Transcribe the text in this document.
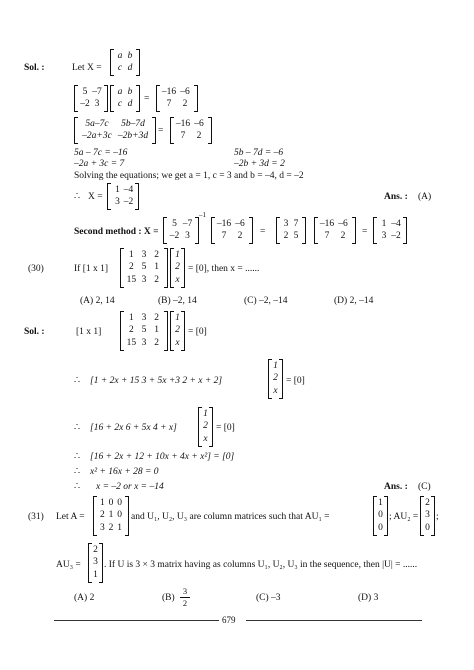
Sol. :	Let X =
a b
c d
5 –7
–2 3
a b
c d =
–16 –6
7	2
5a–7c	5b–7d
–2a+3c –2b+3d	=
–16 –6
7	2
5a – 7c = –16	5b – 7d = –6
–2a + 3c = 7	–2b + 3d = 2
Solving the equations; we get a = 1, c = 3 and b = –4, d = –2
∴ X =
1 –4
3 –2	Ans. : (A)
Second method : X =
5 –7
–2 3
–1
–16 –6
7	2	=
3 7
2 5
–16 –6
7	2	=
1 –4
3 –2
(30)	If [1 x 1]
1 3 2
2 5 1
15 3 2
1
2
x
= [0], then x = ......
(A) 2, 14	(B) –2, 14	(C) –2, –14	(D) 2, –14
Sol. :	[1 x 1]
1 3 2
2 5 1
15 3 2
1
2
x
= [0]
∴ [1 + 2x + 15 3 + 5x +3 2 + x + 2]
1
2
x
= [0]
∴ [16 + 2x 6 + 5x 4 + x]
1
2
x
= [0]
∴ [16 + 2x + 12 + 10x + 4x + x²] = [0]
∴ x² + 16x + 28 = 0
∴ x = –2 or x = –14	Ans. : (C)
(31) Let A =
1 0 0
2 1 0
3 2 1
and U₁, U₂, U₃ are column matrices such that AU₁ =
1
0
0
; AU₂ =
2
3
0
;
AU₃ =
2
3
1
. If U is 3 × 3 matrix having as columns U₁, U₂, U₃ in the sequence, then |U| = ......
(A) 2	(B)
3
2	(C) –3	(D) 3
679
